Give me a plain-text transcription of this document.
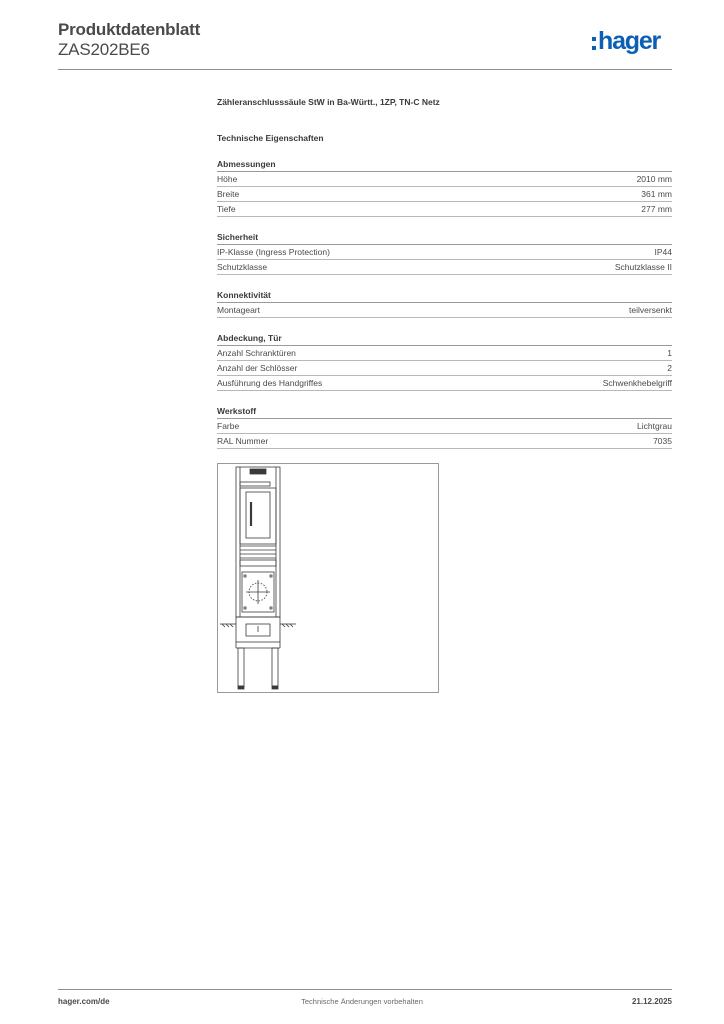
Produktdatenblatt
ZAS202BE6	hager
Zähleranschlusssäule StW in Ba-Württ., 1ZP, TN-C Netz
Technische Eigenschaften
Abmessungen
Höhe	2010 mm
Breite	361 mm
Tiefe	277 mm
Sicherheit
IP-Klasse (Ingress Protection)	IP44
Schutzklasse	Schutzklasse II
Konnektivität
Montageart	teilversenkt
Abdeckung, Tür
Anzahl Schranktüren	1
Anzahl der Schlösser	2
Ausführung des Handgriffes	Schwenkhebelgriff
Werkstoff
Farbe	Lichtgrau
RAL Nummer	7035
hager.com/de	Technische Änderungen vorbehalten	21.12.2025
